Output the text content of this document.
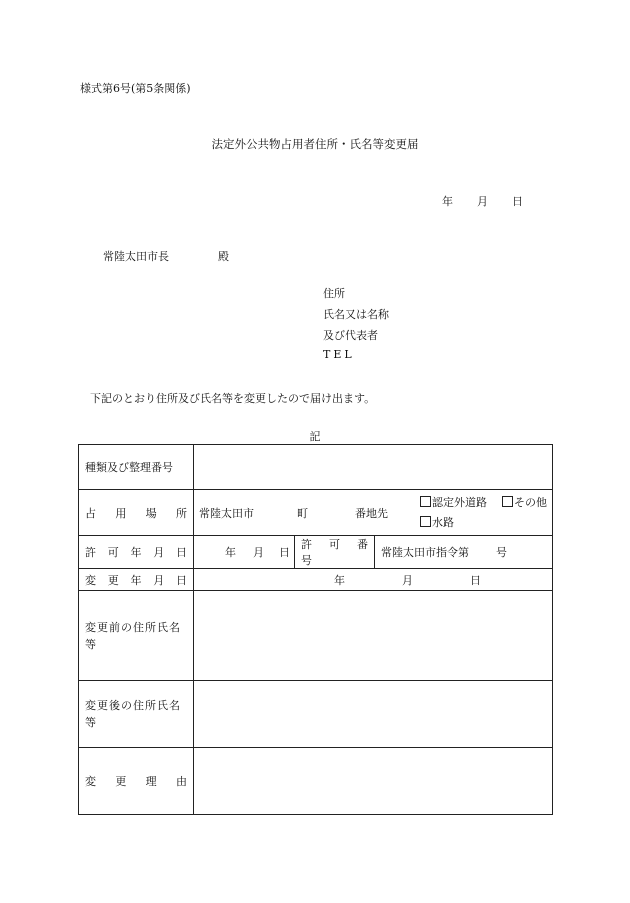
様式第6号(第5条関係)
法定外公共物占用者住所・氏名等変更届
年 月 日
常陸太田市長	殿
住所
氏名又は名称
及び代表者
TEL
下記のとおり住所及び氏名等を変更したので届け出ます。
記
種類及び整理番号			
占　用　場　所	常陸太田市 町 番地先
認定外道路 その他
水路		

許　可　年　月　日	年 月 日	許　可　番　号	常陸太田市指令第 号
変　更　年　月　日	年 月 日		
変更前の住所氏名等			
変更後の住所氏名等			
変　更　理　由			
